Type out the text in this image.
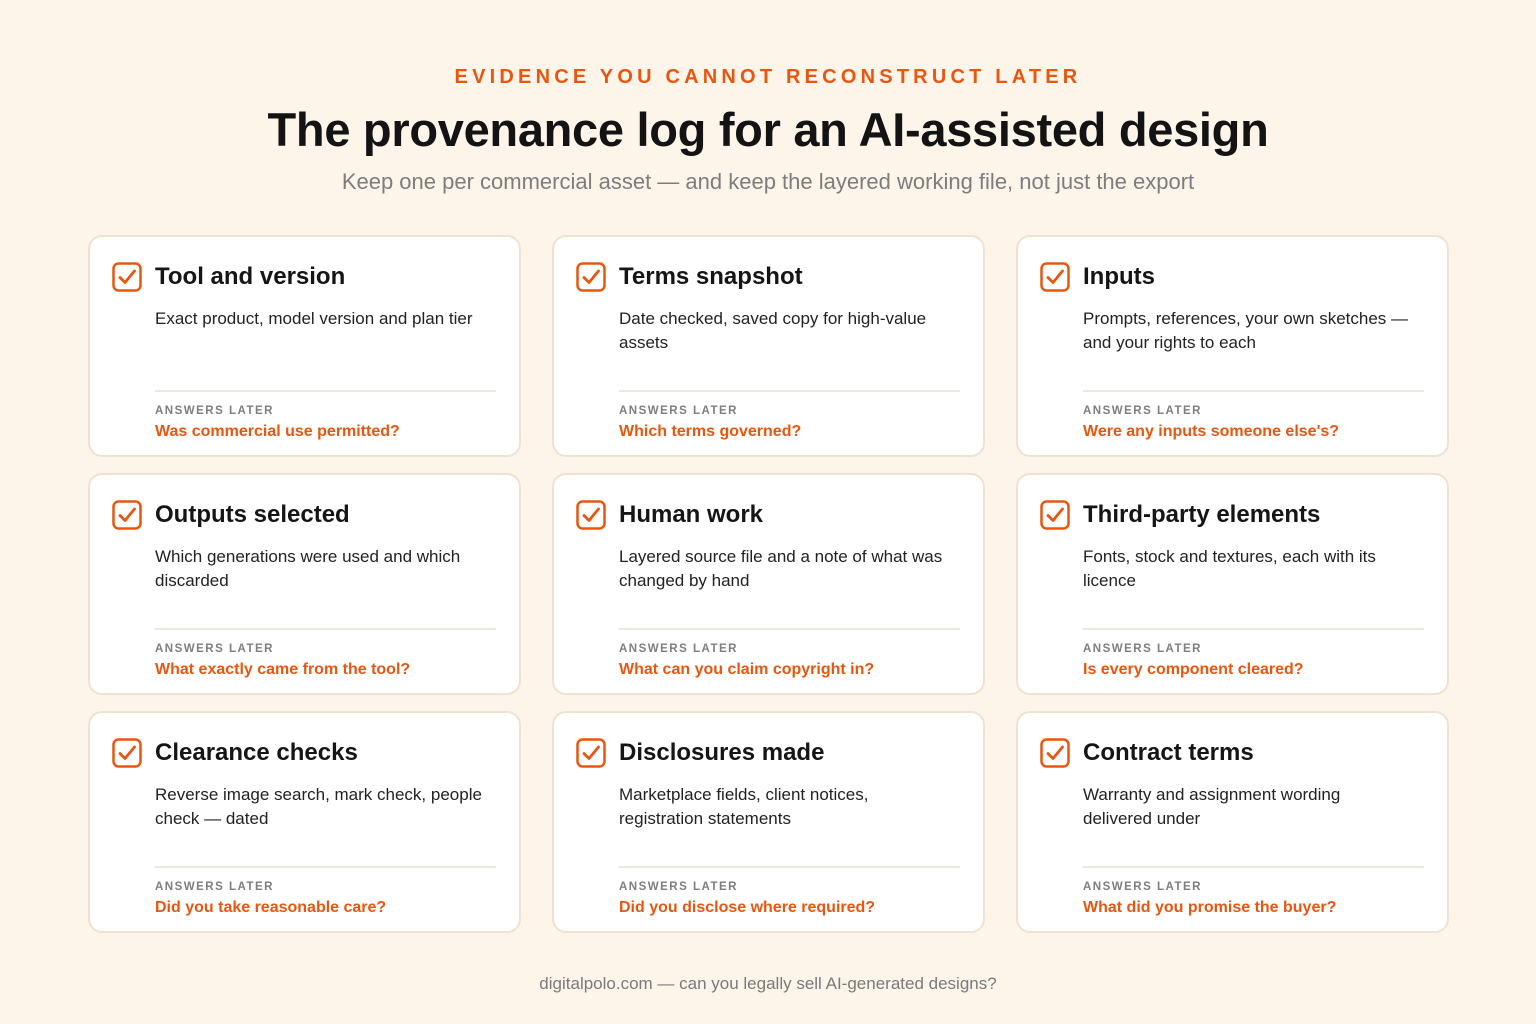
EVIDENCE YOU CANNOT RECONSTRUCT LATER
The provenance log for an AI-assisted design
Keep one per commercial asset — and keep the layered working file, not just the export
Tool and version
Exact product, model version and plan tier
ANSWERS LATER
Was commercial use permitted?
Terms snapshot
Date checked, saved copy for high-value assets
ANSWERS LATER
Which terms governed?
Inputs
Prompts, references, your own sketches — and your rights to each
ANSWERS LATER
Were any inputs someone else's?
Outputs selected
Which generations were used and which discarded
ANSWERS LATER
What exactly came from the tool?
Human work
Layered source file and a note of what was changed by hand
ANSWERS LATER
What can you claim copyright in?
Third-party elements
Fonts, stock and textures, each with its licence
ANSWERS LATER
Is every component cleared?
Clearance checks
Reverse image search, mark check, people check — dated
ANSWERS LATER
Did you take reasonable care?
Disclosures made
Marketplace fields, client notices, registration statements
ANSWERS LATER
Did you disclose where required?
Contract terms
Warranty and assignment wording delivered under
ANSWERS LATER
What did you promise the buyer?
digitalpolo.com — can you legally sell AI-generated designs?
